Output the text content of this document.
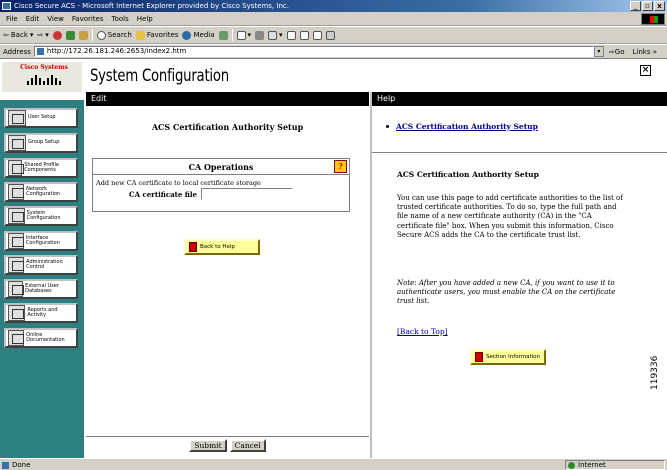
Cisco Secure ACS - Microsoft Internet Explorer provided by Cisco Systems, Inc.	_	▫	x
File	Edit	View	Favorites	Tools	Help
⇦ Back ▾ ⇨ ▾	Search Favorites Media	▾	▾
Address	http://172.26.181.246:2653/index2.htm	▾	⇨Go Links »
Cisco Systems	System Configuration	×
User Setup
Group Setup
Shared Profile Components
Network Configuration
System Configuration
Interface Configuration
Administration Control
External User Databases
Reports and Activity
Online Documentation
Edit	Help
ACS Certification Authority Setup
CA Operations	?
Add new CA certificate to local certificate storage
CA certificate file
Back to Help
Submit	Cancel
ACS Certification Authority Setup
ACS Certification Authority Setup
You can use this page to add certificate authorities to the list of trusted certificate authorities. To do so, type the full path and file name of a new certificate authority (CA) in the "CA certificate file" box. When you submit this information, Cisco Secure ACS adds the CA to the certificate trust list.
Note: After you have added a new CA, if you want to use it to authenticate users, you must enable the CA on the certificate trust list.
[Back to Top]
Section Information	119336
Done	Internet
